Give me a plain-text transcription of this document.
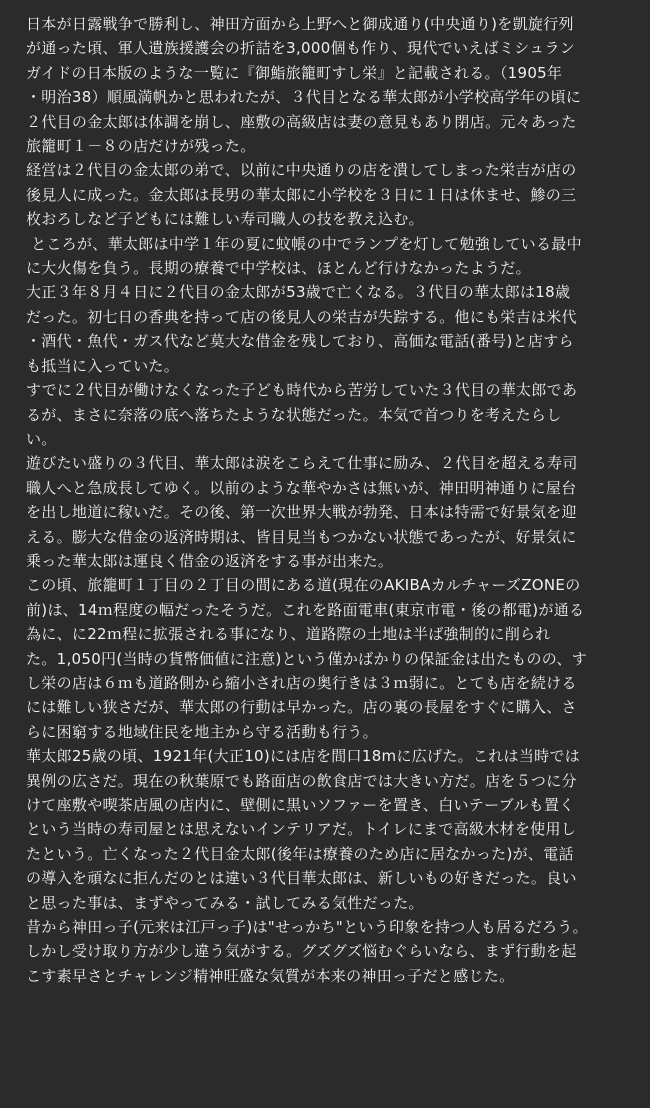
日本が日露戦争で勝利し、神田方面から上野へと御成通り(中央通り)を凱旋行列
が通った頃、軍人遺族援護会の折詰を3,000個も作り、現代でいえばミシュラン
ガイドの日本版のような一覧に『御鮨旅籠町すし栄』と記載される。（1905年
・明治38）順風満帆かと思われたが、３代目となる華太郎が小学校高学年の頃に
２代目の金太郎は体調を崩し、座敷の高級店は妻の意見もあり閉店。元々あった
旅籠町１－８の店だけが残った。

経営は２代目の金太郎の弟で、以前に中央通りの店を潰してしまった栄吉が店の
後見人に成った。金太郎は長男の華太郎に小学校を３日に１日は休ませ、鯵の三
枚おろしなど子どもには難しい寿司職人の技を教え込む。

ところが、華太郎は中学１年の夏に蚊帳の中でランプを灯して勉強している最中
に大火傷を負う。長期の療養で中学校は、ほとんど行けなかったようだ。

大正３年８月４日に２代目の金太郎が53歳で亡くなる。３代目の華太郎は18歳
だった。初七日の香典を持って店の後見人の栄吉が失踪する。他にも栄吉は米代
・酒代・魚代・ガス代など莫大な借金を残しており、高価な電話(番号)と店すら
も抵当に入っていた。

すでに２代目が働けなくなった子ども時代から苦労していた３代目の華太郎であ
るが、まさに奈落の底へ落ちたような状態だった。本気で首つりを考えたらし
い。

遊びたい盛りの３代目、華太郎は涙をこらえて仕事に励み、２代目を超える寿司
職人へと急成長してゆく。以前のような華やかさは無いが、神田明神通りに屋台
を出し地道に稼いだ。その後、第一次世界大戦が勃発、日本は特需で好景気を迎
える。膨大な借金の返済時期は、皆目見当もつかない状態であったが、好景気に
乗った華太郎は運良く借金の返済をする事が出来た。

この頃、旅籠町１丁目の２丁目の間にある道(現在のAKIBAカルチャーズZONEの
前)は、14ｍ程度の幅だったそうだ。これを路面電車(東京市電・後の都電)が通る
為に、に22ｍ程に拡張される事になり、道路際の土地は半ば強制的に削られ
た。1,050円(当時の貨幣価値に注意)という僅かばかりの保証金は出たものの、す
し栄の店は６ｍも道路側から縮小され店の奥行きは３ｍ弱に。とても店を続ける
には難しい狭さだが、華太郎の行動は早かった。店の裏の長屋をすぐに購入、さ
らに困窮する地域住民を地主から守る活動も行う。

華太郎25歳の頃、1921年(大正10)には店を間口18mに広げた。これは当時では
異例の広さだ。現在の秋葉原でも路面店の飲食店では大きい方だ。店を５つに分
けて座敷や喫茶店風の店内に、壁側に黒いソファーを置き、白いテーブルも置く
という当時の寿司屋とは思えないインテリアだ。トイレにまで高級木材を使用し
たという。亡くなった２代目金太郎(後年は療養のため店に居なかった)が、電話
の導入を頑なに拒んだのとは違い３代目華太郎は、新しいもの好きだった。良い
と思った事は、まずやってみる・試してみる気性だった。

昔から神田っ子(元来は江戸っ子)は"せっかち"という印象を持つ人も居るだろう。
しかし受け取り方が少し違う気がする。グズグズ悩むぐらいなら、まず行動を起
こす素早さとチャレンジ精神旺盛な気質が本来の神田っ子だと感じた。
